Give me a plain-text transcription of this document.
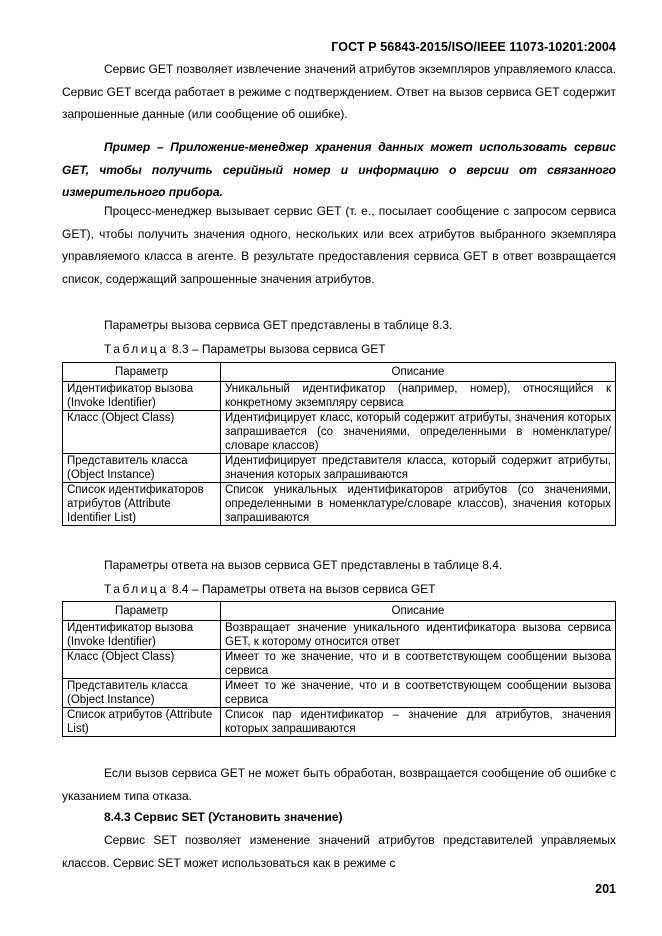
ГОСТ Р 56843-2015/ISO/IEEE 11073-10201:2004

Сервис GET позволяет извлечение значений атрибутов экземпляров управляемого класса. Сервис GET всегда работает в режиме с подтверждением. Ответ на вызов сервиса GET содержит запрошенные данные (или сообщение об ошибке).

Пример – Приложение-менеджер хранения данных может использовать сервис GET, чтобы получить серийный номер и информацию о версии от связанного измерительного прибора.

Процесс-менеджер вызывает сервис GET (т. е., посылает сообщение с запросом сервиса GET), чтобы получить значения одного, нескольких или всех атрибутов выбранного экземпляра управляемого класса в агенте. В результате предоставления сервиса GET в ответ возвращается список, содержащий запрошенные значения атрибутов.

Параметры вызова сервиса GET представлены в таблице 8.3.

Таблица 8.3 – Параметры вызова сервиса GET
Параметр	Описание
Идентификатор вызова (Invoke Identifier)	Уникальный идентификатор (например, номер), относящийся к конкретному экземпляру сервиса
Класс (Object Class)	Идентифицирует класс, который содержит атрибуты, значения которых запрашивается (со значениями, определенными в номенклатуре/словаре классов)
Представитель класса (Object Instance)	Идентифицирует представителя класса, который содержит атрибуты, значения которых запрашиваются
Список идентификаторов атрибутов (Attribute Identifier List)	Список уникальных идентификаторов атрибутов (со значениями, определенными в номенклатуре/словаре классов), значения которых запрашиваются

Параметры ответа на вызов сервиса GET представлены в таблице 8.4.

Таблица 8.4 – Параметры ответа на вызов сервиса GET
Параметр	Описание
Идентификатор вызова (Invoke Identifier)	Возвращает значение уникального идентификатора вызова сервиса GET, к которому относится ответ
Класс (Object Class)	Имеет то же значение, что и в соответствующем сообщении вызова сервиса
Представитель класса (Object Instance)	Имеет то же значение, что и в соответствующем сообщении вызова сервиса
Список атрибутов (Attribute List)	Список пар идентификатор – значение для атрибутов, значения которых запрашиваются

Если вызов сервиса GET не может быть обработан, возвращается сообщение об ошибке с указанием типа отказа.

8.4.3 Сервис SET (Установить значение)

Сервис SET позволяет изменение значений атрибутов представителей управляемых классов. Сервис SET может использоваться как в режиме с

201
